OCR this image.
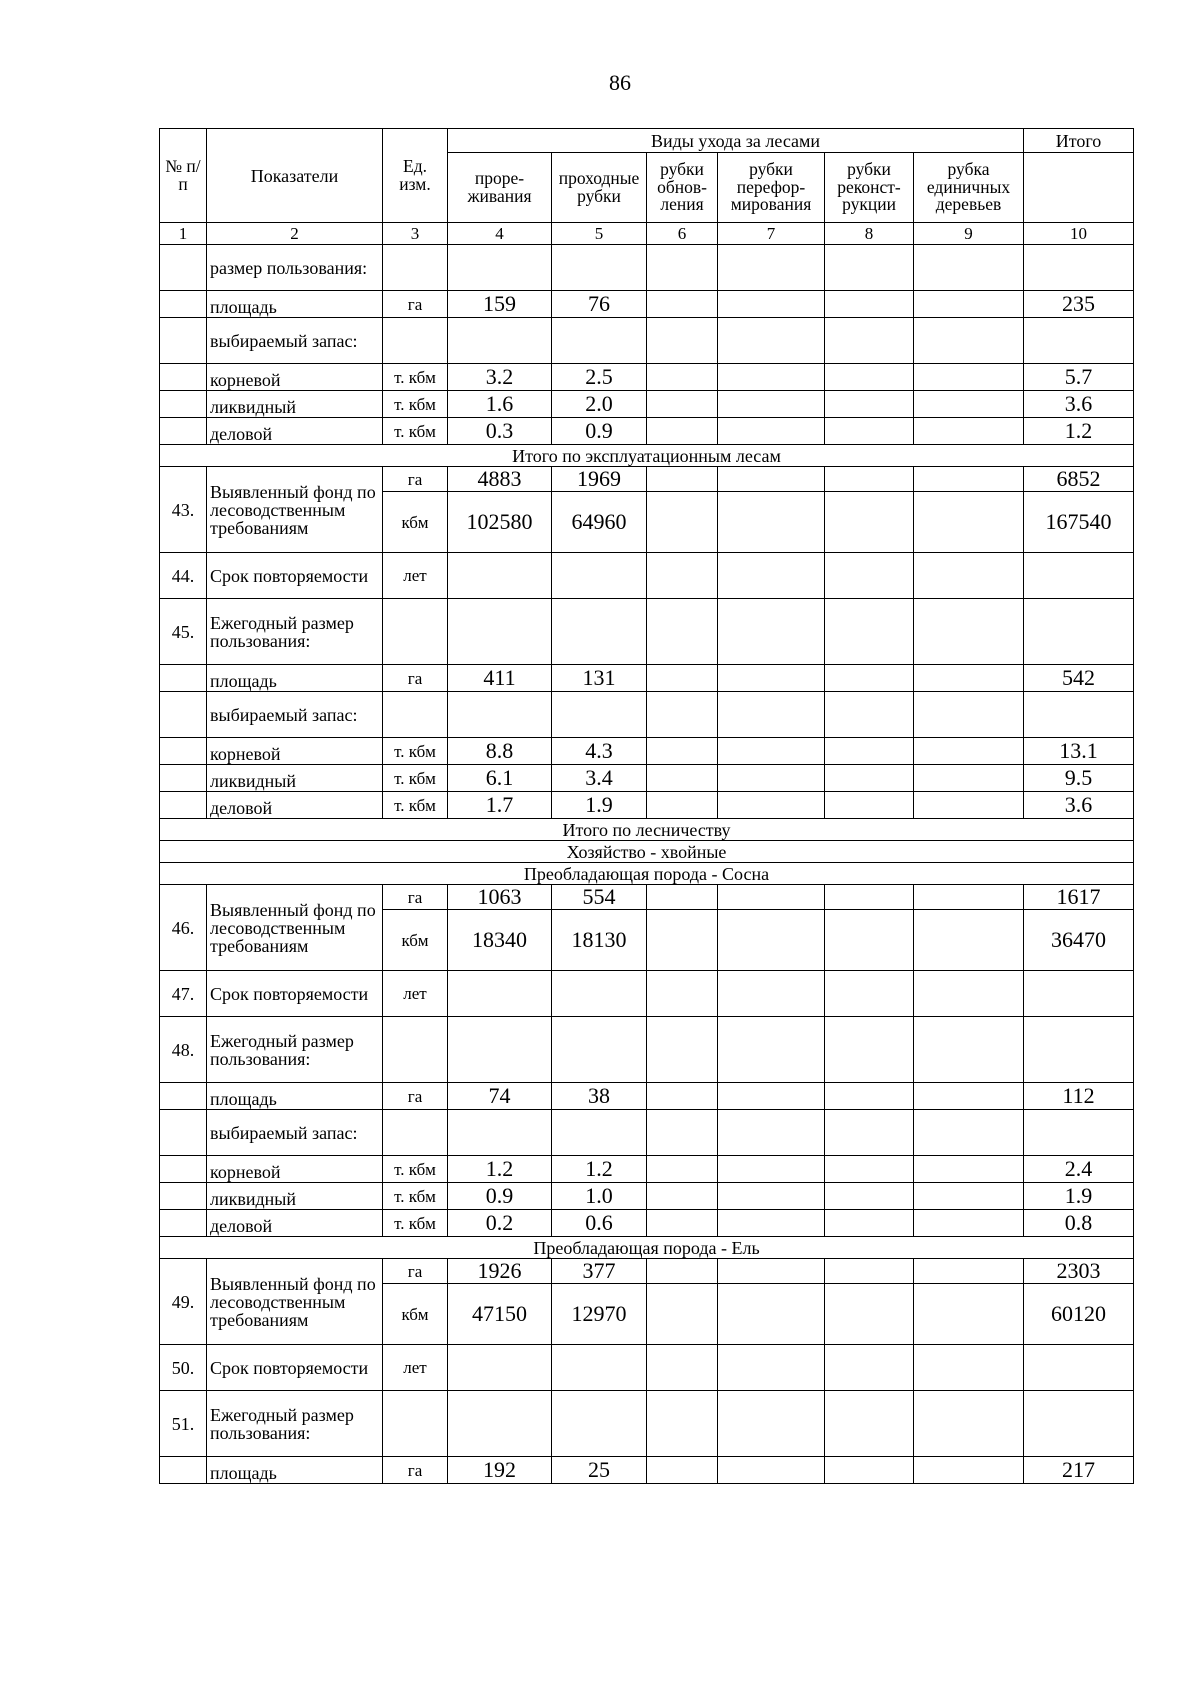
86
№ п/п	Показатели	Ед. изм.	Виды ухода за лесами						Итого
			проре-живания	проходные рубки	рубки обнов-ления	рубки перефор-мирования	рубки реконст-рукции	рубка единичных деревьев	
1	2	3	4	5	6	7	8	9	10
	размер пользования:								
	площадь	га	159	76					235
	выбираемый запас:								
	корневой	т. кбм	3.2	2.5					5.7
	ликвидный	т. кбм	1.6	2.0					3.6
	деловой	т. кбм	0.3	0.9					1.2
Итого по эксплуатационным лесам									
43.	Выявленный фонд по лесоводственным требованиям	га	4883	1969					6852
		кбм	102580	64960					167540
44.	Срок повторяемости	лет							
45.	Ежегодный размер пользования:								
	площадь	га	411	131					542
	выбираемый запас:								
	корневой	т. кбм	8.8	4.3					13.1
	ликвидный	т. кбм	6.1	3.4					9.5
	деловой	т. кбм	1.7	1.9					3.6
Итого по лесничеству									
Хозяйство - хвойные									
Преобладающая порода - Сосна									
46.	Выявленный фонд по лесоводственным требованиям	га	1063	554					1617
		кбм	18340	18130					36470
47.	Срок повторяемости	лет							
48.	Ежегодный размер пользования:								
	площадь	га	74	38					112
	выбираемый запас:								
	корневой	т. кбм	1.2	1.2					2.4
	ликвидный	т. кбм	0.9	1.0					1.9
	деловой	т. кбм	0.2	0.6					0.8
Преобладающая порода - Ель									
49.	Выявленный фонд по лесоводственным требованиям	га	1926	377					2303
		кбм	47150	12970					60120
50.	Срок повторяемости	лет							
51.	Ежегодный размер пользования:								
	площадь	га	192	25					217
